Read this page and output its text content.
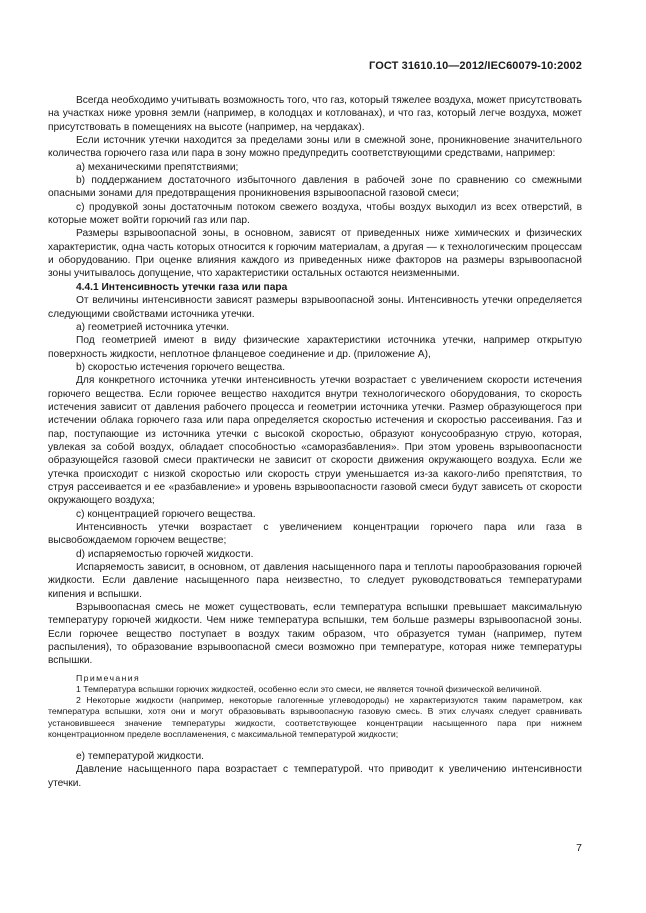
ГОСТ 31610.10—2012/IEC60079-10:2002

Всегда необходимо учитывать возможность того, что газ, который тяжелее воздуха, может присутствовать на участках ниже уровня земли (например, в колодцах и котлованах), и что газ, который легче воздуха, может присутствовать в помещениях на высоте (например, на чердаках).

Если источник утечки находится за пределами зоны или в смежной зоне, проникновение значительного количества горючего газа или пара в зону можно предупредить соответствующими средствами, например:

a) механическими препятствиями;

b) поддержанием достаточного избыточного давления в рабочей зоне по сравнению со смежными опасными зонами для предотвращения проникновения взрывоопасной газовой смеси;

c) продувкой зоны достаточным потоком свежего воздуха, чтобы воздух выходил из всех отверстий, в которые может войти горючий газ или пар.

Размеры взрывоопасной зоны, в основном, зависят от приведенных ниже химических и физических характеристик, одна часть которых относится к горючим материалам, а другая — к технологическим процессам и оборудованию. При оценке влияния каждого из приведенных ниже факторов на размеры взрывоопасной зоны учитывалось допущение, что характеристики остальных остаются неизменными.

4.4.1 Интенсивность утечки газа или пара

От величины интенсивности зависят размеры взрывоопасной зоны. Интенсивность утечки определяется следующими свойствами источника утечки.

a) геометрией источника утечки.

Под геометрией имеют в виду физические характеристики источника утечки, например открытую поверхность жидкости, неплотное фланцевое соединение и др. (приложение A),

b) скоростью истечения горючего вещества.

Для конкретного источника утечки интенсивность утечки возрастает с увеличением скорости истечения горючего вещества. Если горючее вещество находится внутри технологического оборудования, то скорость истечения зависит от давления рабочего процесса и геометрии источника утечки. Размер образующегося при истечении облака горючего газа или пара определяется скоростью истечения и скоростью рассеивания. Газ и пар, поступающие из источника утечки с высокой скоростью, образуют конусообразную струю, которая, увлекая за собой воздух, обладает способностью «саморазбавления». При этом уровень взрывоопасности образующейся газовой смеси практически не зависит от скорости движения окружающего воздуха. Если же утечка происходит с низкой скоростью или скорость струи уменьшается из-за какого-либо препятствия, то струя рассеивается и ее «разбавление» и уровень взрывоопасности газовой смеси будут зависеть от скорости окружающего воздуха;

c) концентрацией горючего вещества.

Интенсивность утечки возрастает с увеличением концентрации горючего пара или газа в высвобождаемом горючем веществе;

d) испаряемостью горючей жидкости.

Испаряемость зависит, в основном, от давления насыщенного пара и теплоты парообразования горючей жидкости. Если давление насыщенного пара неизвестно, то следует руководствоваться температурами кипения и вспышки.

Взрывоопасная смесь не может существовать, если температура вспышки превышает максимальную температуру горючей жидкости. Чем ниже температура вспышки, тем больше размеры взрывоопасной зоны. Если горючее вещество поступает в воздух таким образом, что образуется туман (например, путем распыления), то образование взрывоопасной смеси возможно при температуре, которая ниже температуры вспышки.

Примечания

1 Температура вспышки горючих жидкостей, особенно если это смеси, не является точной физической величиной.

2 Некоторые жидкости (например, некоторые галогенные углеводороды) не характеризуются таким параметром, как температура вспышки, хотя они и могут образовывать взрывоопасную газовую смесь. В этих случаях следует сравнивать установившееся значение температуры жидкости, соответствующее концентрации насыщенного пара при нижнем концентрационном пределе воспламенения, с максимальной температурой жидкости;

e) температурой жидкости.

Давление насыщенного пара возрастает с температурой. что приводит к увеличению интенсивности утечки.

7
